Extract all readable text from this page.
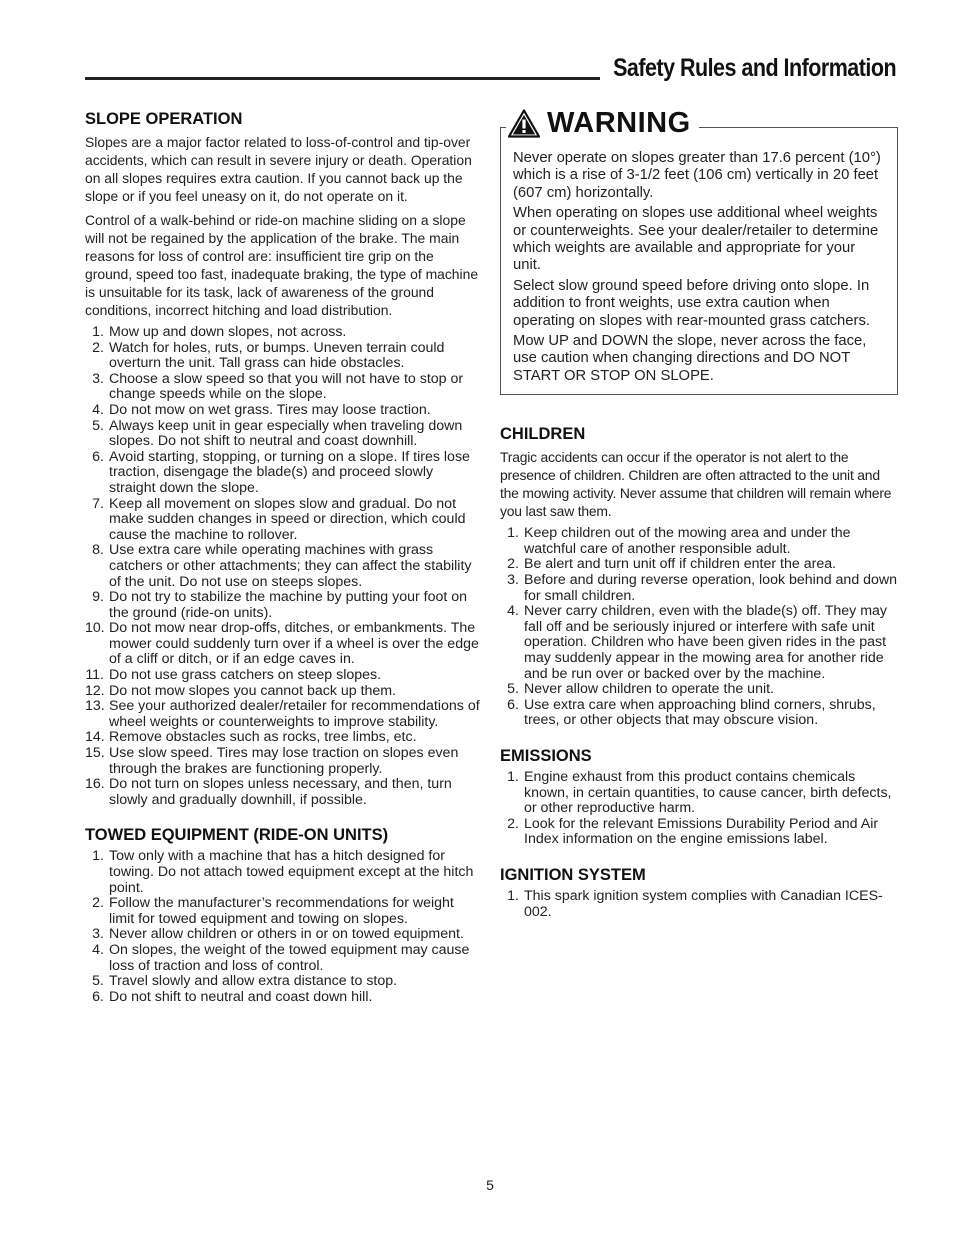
Safety Rules and Information
SLOPE OPERATION

Slopes are a major factor related to loss-of-control and tip-over accidents, which can result in severe injury or death. Operation on all slopes requires extra caution. If you cannot back up the slope or if you feel uneasy on it, do not operate on it.

Control of a walk-behind or ride-on machine sliding on a slope will not be regained by the application of the brake. The main reasons for loss of control are: insufficient tire grip on the ground, speed too fast, inadequate braking, the type of machine is unsuitable for its task, lack of awareness of the ground conditions, incorrect hitching and load distribution.

1. Mow up and down slopes, not across.
2. Watch for holes, ruts, or bumps. Uneven terrain could overturn the unit. Tall grass can hide obstacles.
3. Choose a slow speed so that you will not have to stop or change speeds while on the slope.
4. Do not mow on wet grass. Tires may loose traction.
5. Always keep unit in gear especially when traveling down slopes. Do not shift to neutral and coast downhill.
6. Avoid starting, stopping, or turning on a slope. If tires lose traction, disengage the blade(s) and proceed slowly straight down the slope.
7. Keep all movement on slopes slow and gradual. Do not make sudden changes in speed or direction, which could cause the machine to rollover.
8. Use extra care while operating machines with grass catchers or other attachments; they can affect the stability of the unit. Do not use on steeps slopes.
9. Do not try to stabilize the machine by putting your foot on the ground (ride-on units).
10. Do not mow near drop-offs, ditches, or embankments. The mower could suddenly turn over if a wheel is over the edge of a cliff or ditch, or if an edge caves in.
11. Do not use grass catchers on steep slopes.
12. Do not mow slopes you cannot back up them.
13. See your authorized dealer/retailer for recommendations of wheel weights or counterweights to improve stability.
14. Remove obstacles such as rocks, tree limbs, etc.
15. Use slow speed. Tires may lose traction on slopes even through the brakes are functioning properly.
16. Do not turn on slopes unless necessary, and then, turn slowly and gradually downhill, if possible.
TOWED EQUIPMENT (RIDE-ON UNITS)
1. Tow only with a machine that has a hitch designed for towing. Do not attach towed equipment except at the hitch point.
2. Follow the manufacturer’s recommendations for weight limit for towed equipment and towing on slopes.
3. Never allow children or others in or on towed equipment.
4. On slopes, the weight of the towed equipment may cause loss of traction and loss of control.
5. Travel slowly and allow extra distance to stop.
6. Do not shift to neutral and coast down hill.
WARNING

Never operate on slopes greater than 17.6 percent (10°) which is a rise of 3-1/2 feet (106 cm) vertically in 20 feet (607 cm) horizontally.

When operating on slopes use additional wheel weights or counterweights. See your dealer/retailer to determine which weights are available and appropriate for your unit.

Select slow ground speed before driving onto slope. In addition to front weights, use extra caution when operating on slopes with rear-mounted grass catchers.

Mow UP and DOWN the slope, never across the face, use caution when changing directions and DO NOT START OR STOP ON SLOPE.

CHILDREN

Tragic accidents can occur if the operator is not alert to the presence of children. Children are often attracted to the unit and the mowing activity. Never assume that children will remain where you last saw them.

1. Keep children out of the mowing area and under the watchful care of another responsible adult.
2. Be alert and turn unit off if children enter the area.
3. Before and during reverse operation, look behind and down for small children.
4. Never carry children, even with the blade(s) off. They may fall off and be seriously injured or interfere with safe unit operation. Children who have been given rides in the past may suddenly appear in the mowing area for another ride and be run over or backed over by the machine.
5. Never allow children to operate the unit.
6. Use extra care when approaching blind corners, shrubs, trees, or other objects that may obscure vision.
EMISSIONS
1. Engine exhaust from this product contains chemicals known, in certain quantities, to cause cancer, birth defects, or other reproductive harm.
2. Look for the relevant Emissions Durability Period and Air Index information on the engine emissions label.
IGNITION SYSTEM
1. This spark ignition system complies with Canadian ICES-002.

5
